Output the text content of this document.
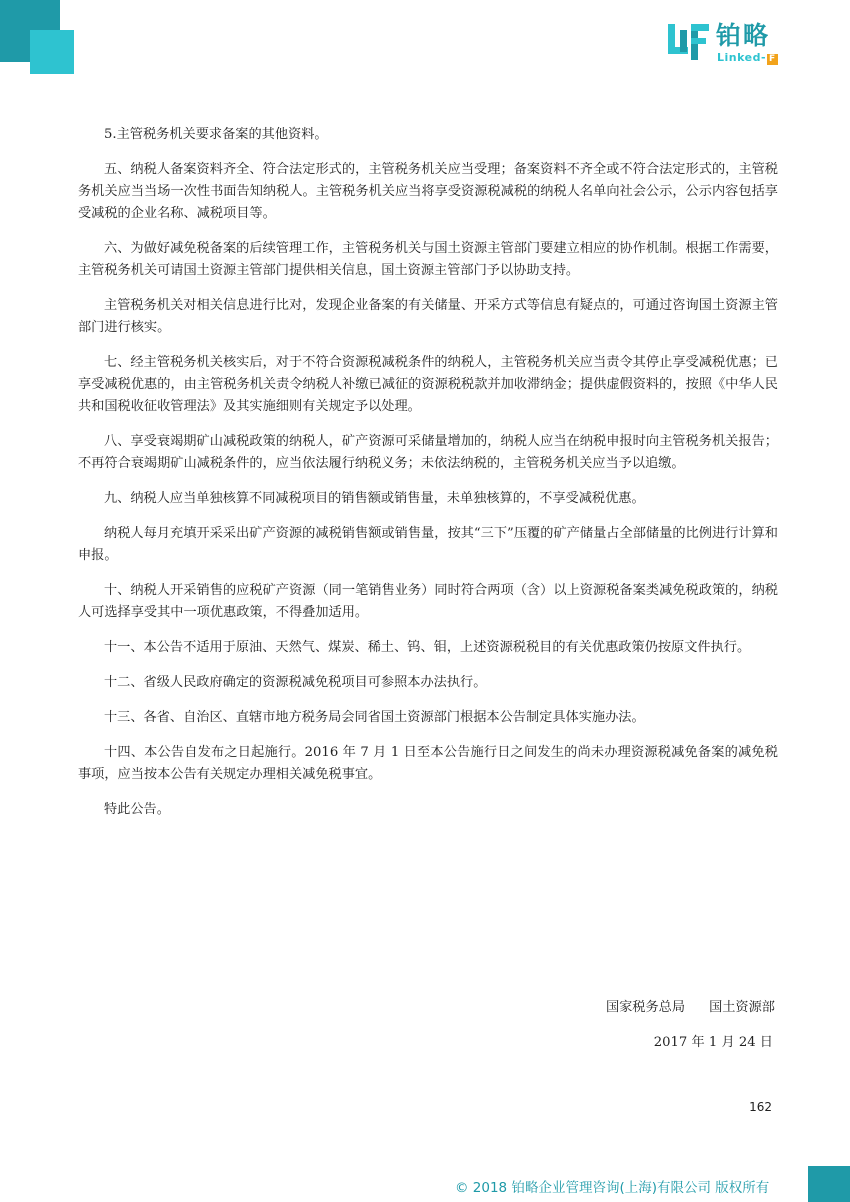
铂略
Linked- F

5.主管税务机关要求备案的其他资料。

五、纳税人备案资料齐全、符合法定形式的，主管税务机关应当受理；备案资料不齐全或不符合法定形式的，主管税务机关应当当场一次性书面告知纳税人。主管税务机关应当将享受资源税减税的纳税人名单向社会公示，公示内容包括享受减税的企业名称、减税项目等。

六、为做好减免税备案的后续管理工作，主管税务机关与国土资源主管部门要建立相应的协作机制。根据工作需要，主管税务机关可请国土资源主管部门提供相关信息，国土资源主管部门予以协助支持。

主管税务机关对相关信息进行比对，发现企业备案的有关储量、开采方式等信息有疑点的，可通过咨询国土资源主管部门进行核实。

七、经主管税务机关核实后，对于不符合资源税减税条件的纳税人，主管税务机关应当责令其停止享受减税优惠；已享受减税优惠的，由主管税务机关责令纳税人补缴已减征的资源税税款并加收滞纳金；提供虚假资料的，按照《中华人民共和国税收征收管理法》及其实施细则有关规定予以处理。

八、享受衰竭期矿山减税政策的纳税人，矿产资源可采储量增加的，纳税人应当在纳税申报时向主管税务机关报告；不再符合衰竭期矿山减税条件的，应当依法履行纳税义务；未依法纳税的，主管税务机关应当予以追缴。

九、纳税人应当单独核算不同减税项目的销售额或销售量，未单独核算的，不享受减税优惠。

纳税人每月充填开采采出矿产资源的减税销售额或销售量，按其“三下”压覆的矿产储量占全部储量的比例进行计算和申报。

十、纳税人开采销售的应税矿产资源（同一笔销售业务）同时符合两项（含）以上资源税备案类减免税政策的，纳税人可选择享受其中一项优惠政策，不得叠加适用。

十一、本公告不适用于原油、天然气、煤炭、稀土、钨、钼，上述资源税税目的有关优惠政策仍按原文件执行。

十二、省级人民政府确定的资源税减免税项目可参照本办法执行。

十三、各省、自治区、直辖市地方税务局会同省国土资源部门根据本公告制定具体实施办法。

十四、本公告自发布之日起施行。2016 年 7 月 1 日至本公告施行日之间发生的尚未办理资源税减免备案的减免税事项，应当按本公告有关规定办理相关减免税事宜。

特此公告。

国家税务总局 国土资源部
2017 年 1 月 24 日
162
© 2018 铂略企业管理咨询(上海)有限公司 版权所有
